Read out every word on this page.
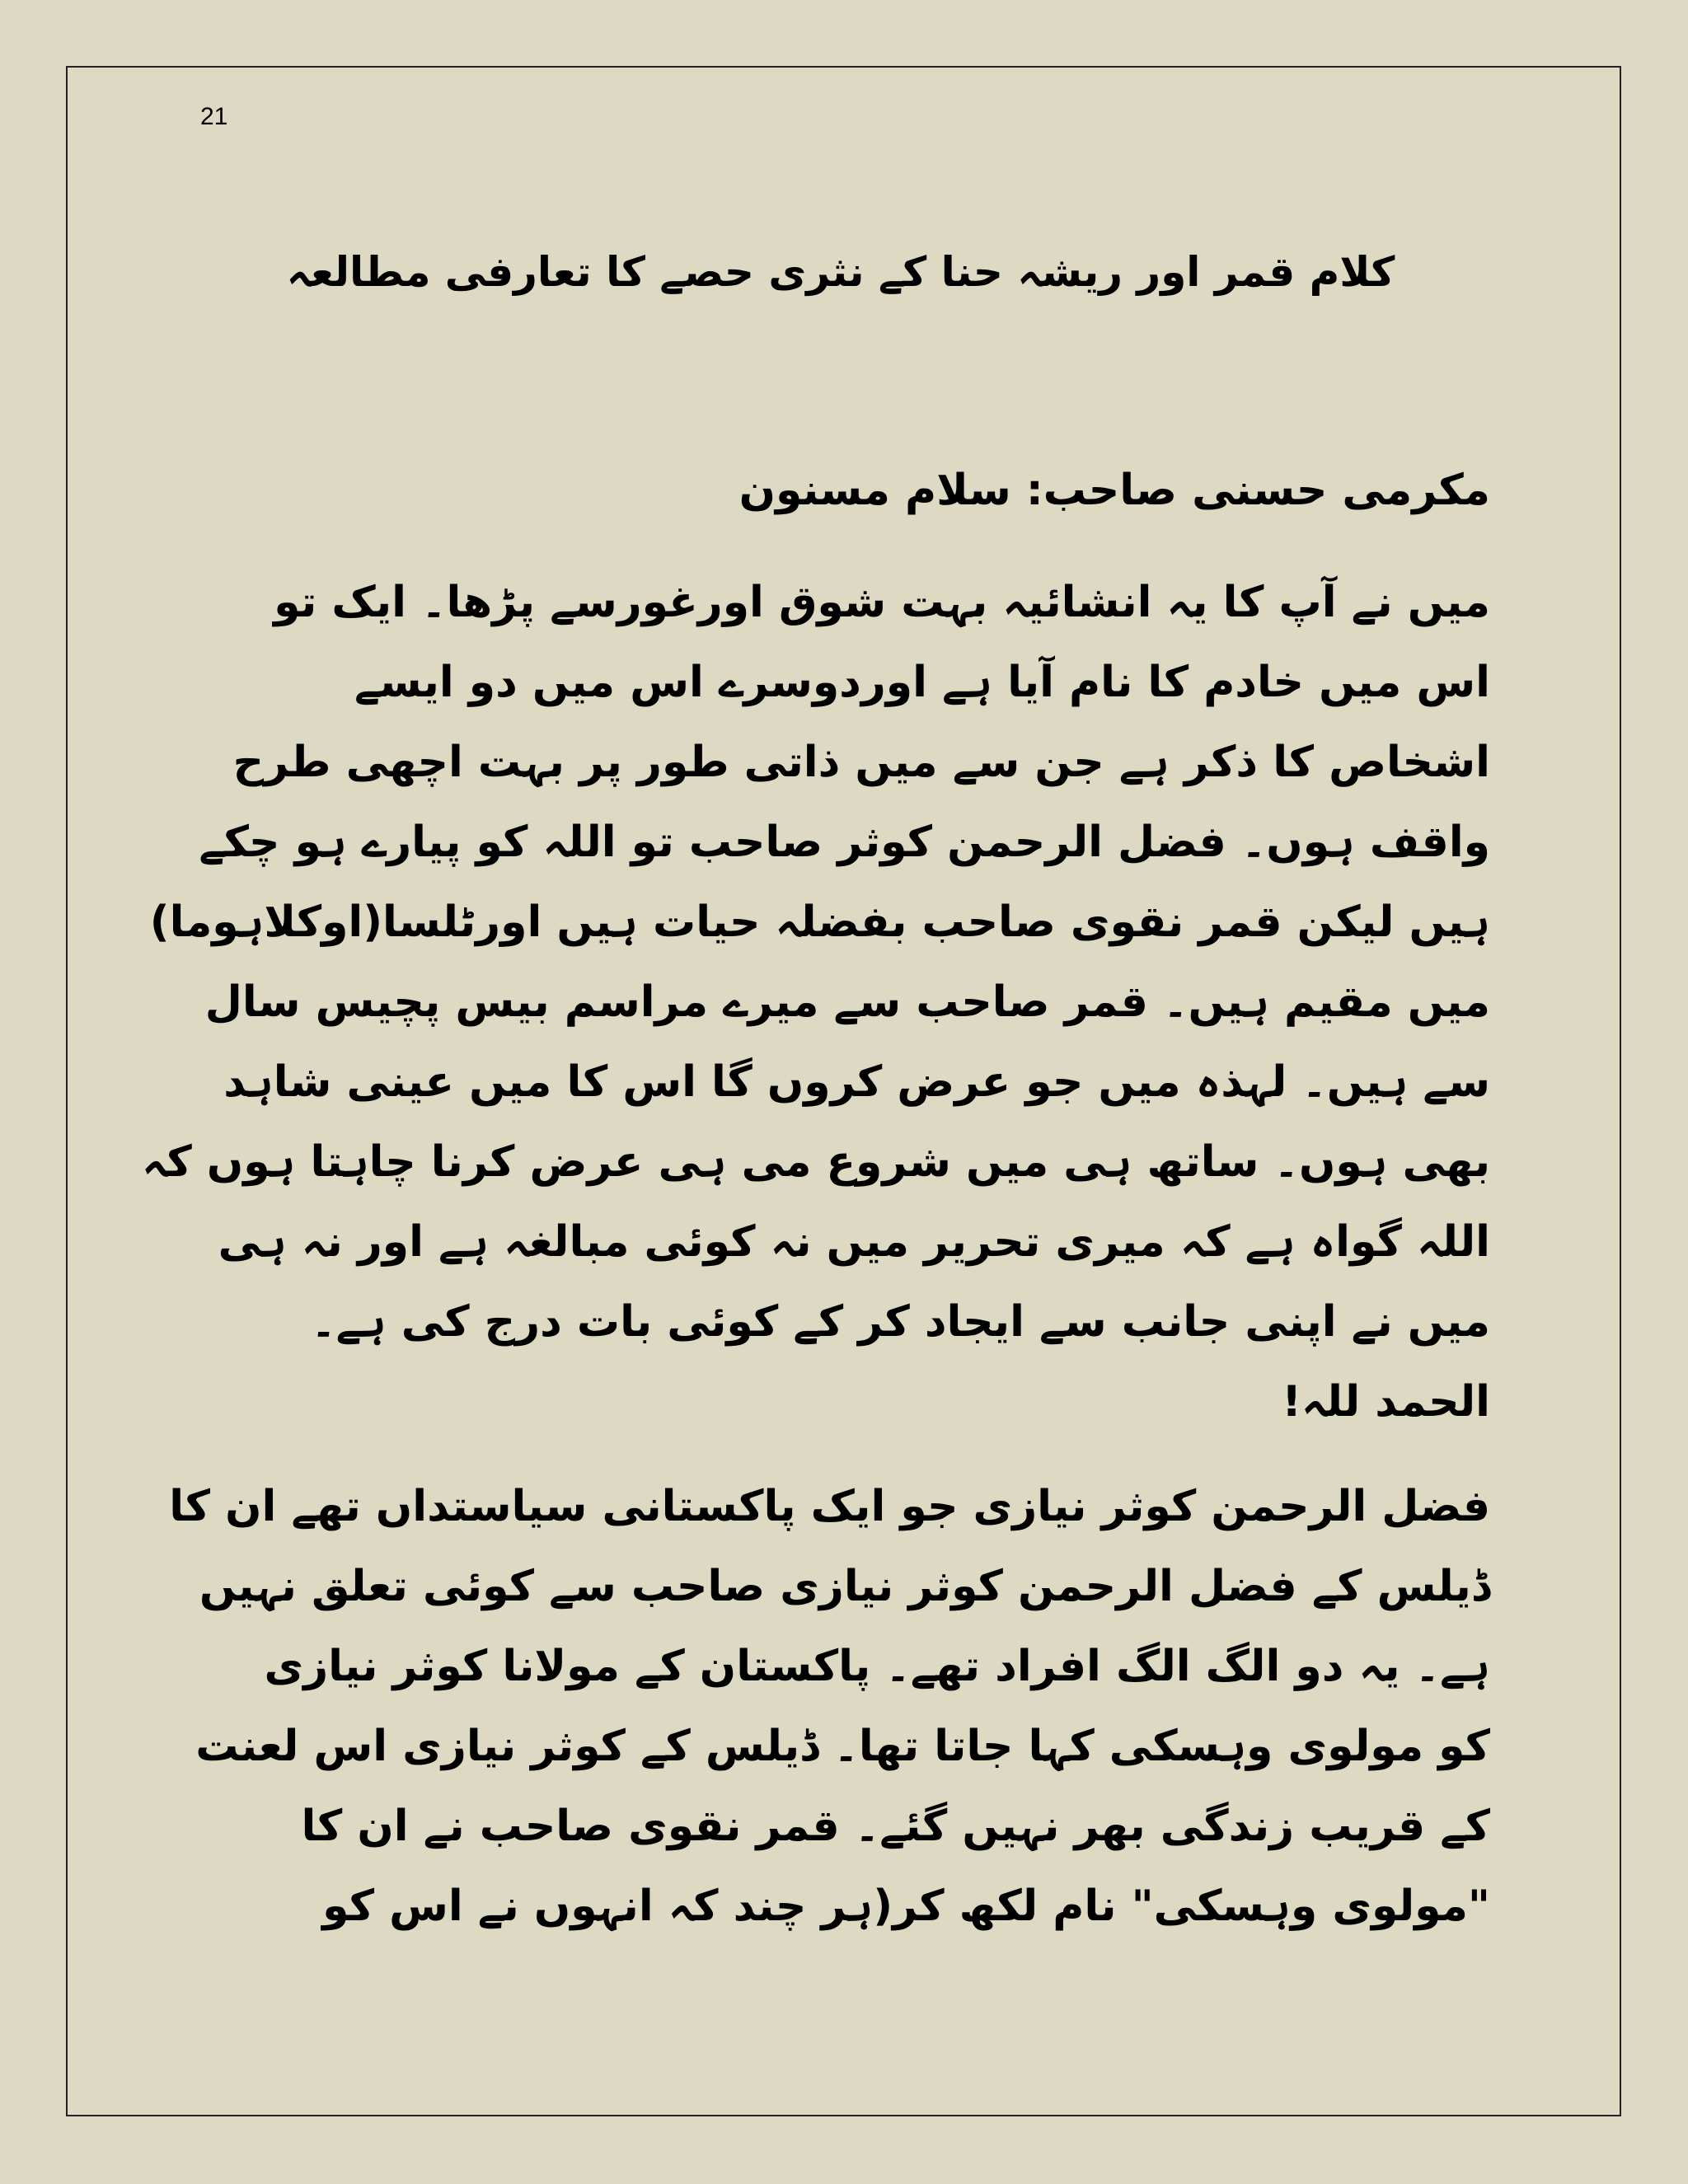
21
کلام قمر اور ریشہ حنا کے نثری حصے کا تعارفی مطالعہ
مکرمی حسنی صاحب: سلام مسنون
میں نے آپ کا یہ انشائیہ بہت شوق اورغورسے پڑھا۔ ایک تو
اس میں خادم کا نام آیا ہے اوردوسرے اس میں دو ایسے
اشخاص کا ذکر ہے جن سے میں ذاتی طور پر بہت اچھی طرح
واقف ہوں۔ فضل الرحمن کوثر صاحب تو اللہ کو پیارے ہو چکے
ہیں لیکن قمر نقوی صاحب بفضلہ حیات ہیں اورٹلسا(اوکلاہوما)
میں مقیم ہیں۔ قمر صاحب سے میرے مراسم بیس پچیس سال
سے ہیں۔ لہذہ میں جو عرض کروں گا اس کا میں عینی شاہد
بھی ہوں۔ ساتھ ہی میں شروع می ہی عرض کرنا چاہتا ہوں کہ
اللہ گواہ ہے کہ میری تحریر میں نہ کوئی مبالغہ ہے اور نہ ہی
میں نے اپنی جانب سے ایجاد کر کے کوئی بات درج کی ہے۔
الحمد للہ!
فضل الرحمن کوثر نیازی جو ایک پاکستانی سیاستداں تھے ان کا
ڈیلس کے فضل الرحمن کوثر نیازی صاحب سے کوئی تعلق نہیں
ہے۔ یہ دو الگ الگ افراد تھے۔ پاکستان کے مولانا کوثر نیازی
کو مولوی وہسکی کہا جاتا تھا۔ ڈیلس کے کوثر نیازی اس لعنت
کے قریب زندگی بھر نہیں گئے۔ قمر نقوی صاحب نے ان کا
"مولوی وہسکی" نام لکھ کر(ہر چند کہ انہوں نے اس کو
